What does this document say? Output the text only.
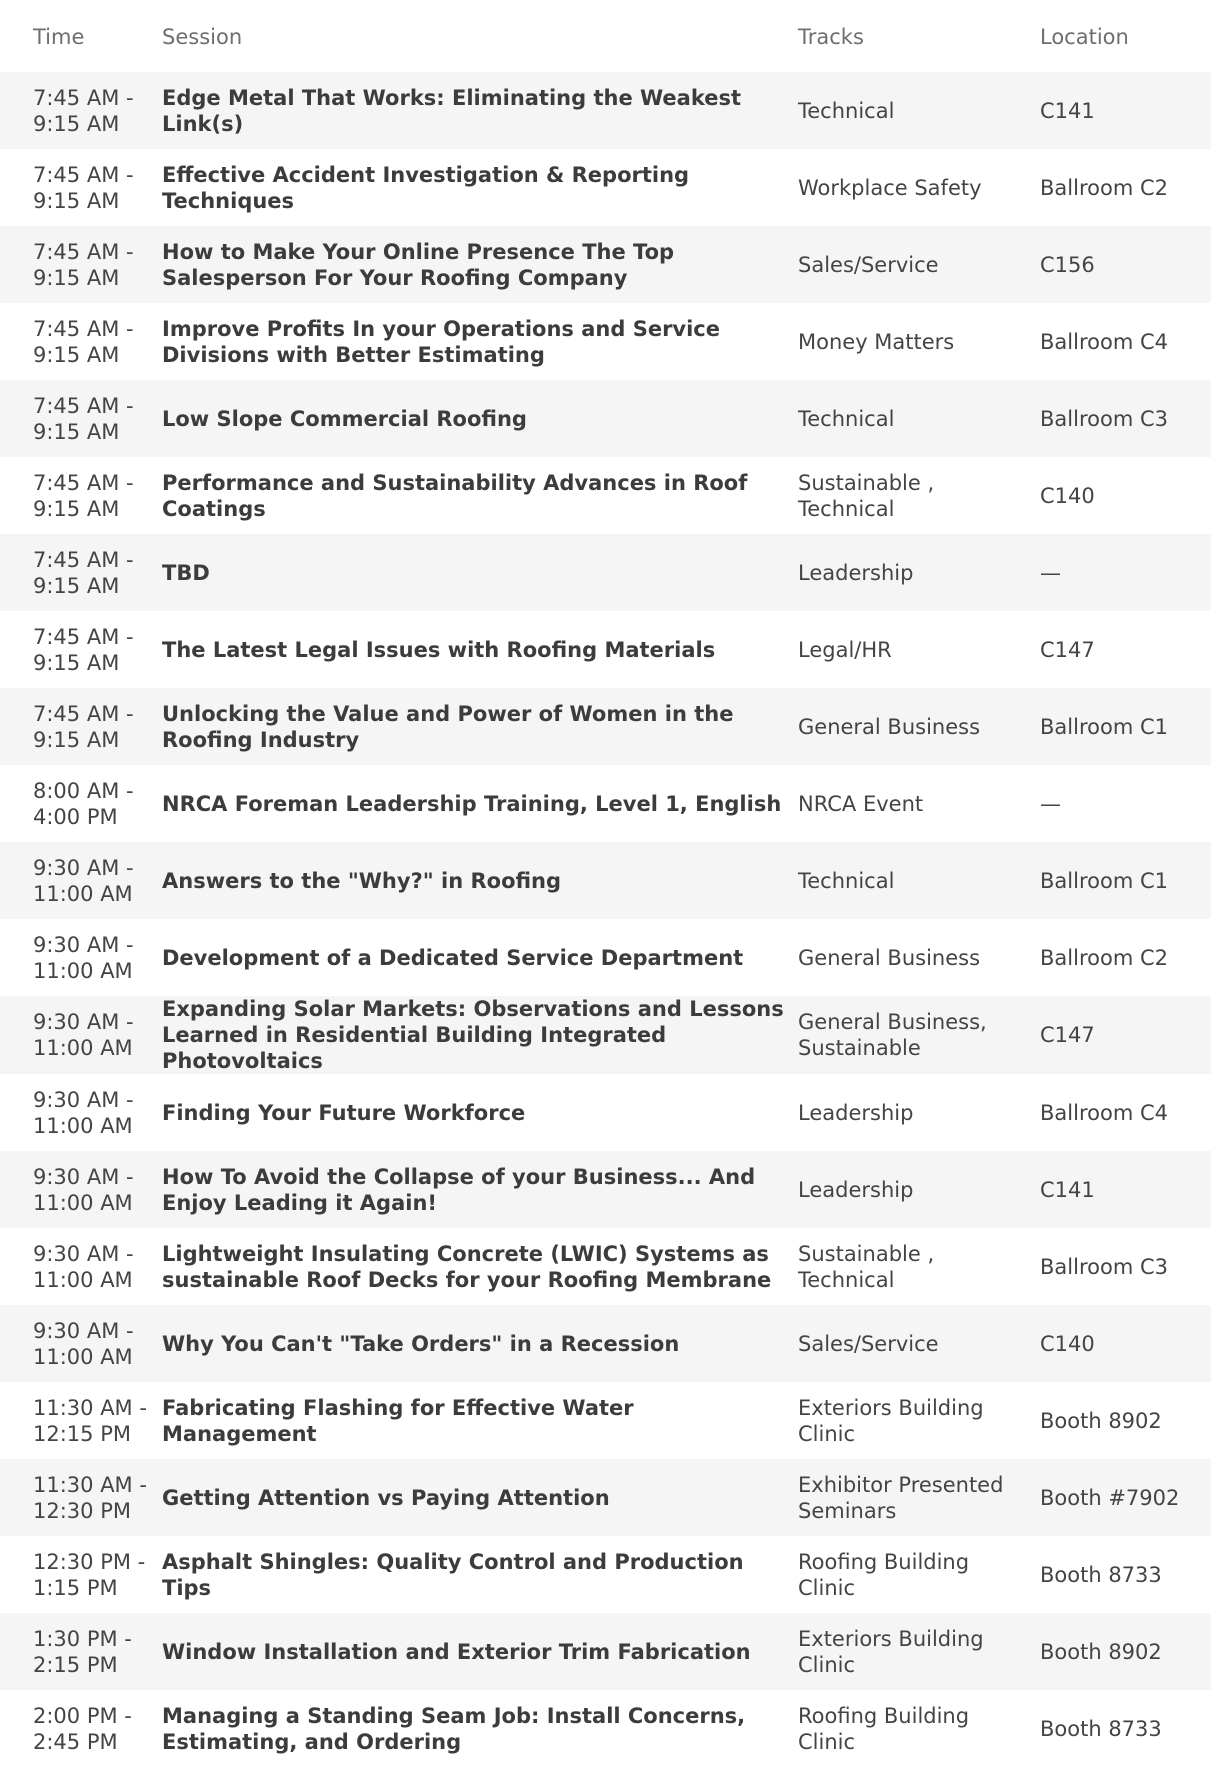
Time	Session	Tracks	Location
7:45 AM - 9:15 AM	Edge Metal That Works: Eliminating the Weakest Link(s)	Technical	C141
7:45 AM - 9:15 AM	Effective Accident Investigation & Reporting Techniques	Workplace Safety	Ballroom C2
7:45 AM - 9:15 AM	How to Make Your Online Presence The Top Salesperson For Your Roofing Company	Sales/Service	C156
7:45 AM - 9:15 AM	Improve Profits In your Operations and Service Divisions with Better Estimating	Money Matters	Ballroom C4
7:45 AM - 9:15 AM	Low Slope Commercial Roofing	Technical	Ballroom C3
7:45 AM - 9:15 AM	Performance and Sustainability Advances in Roof Coatings	Sustainable , Technical	C140
7:45 AM - 9:15 AM	TBD	Leadership	—
7:45 AM - 9:15 AM	The Latest Legal Issues with Roofing Materials	Legal/HR	C147
7:45 AM - 9:15 AM	Unlocking the Value and Power of Women in the Roofing Industry	General Business	Ballroom C1
8:00 AM - 4:00 PM	NRCA Foreman Leadership Training, Level 1, English	NRCA Event	—
9:30 AM - 11:00 AM	Answers to the "Why?" in Roofing	Technical	Ballroom C1
9:30 AM - 11:00 AM	Development of a Dedicated Service Department	General Business	Ballroom C2
9:30 AM - 11:00 AM	Expanding Solar Markets: Observations and Lessons Learned in Residential Building Integrated Photovoltaics	General Business, Sustainable	C147
9:30 AM - 11:00 AM	Finding Your Future Workforce	Leadership	Ballroom C4
9:30 AM - 11:00 AM	How To Avoid the Collapse of your Business... And Enjoy Leading it Again!	Leadership	C141
9:30 AM - 11:00 AM	Lightweight Insulating Concrete (LWIC) Systems as sustainable Roof Decks for your Roofing Membrane	Sustainable , Technical	Ballroom C3
9:30 AM - 11:00 AM	Why You Can't "Take Orders" in a Recession	Sales/Service	C140
11:30 AM - 12:15 PM	Fabricating Flashing for Effective Water Management	Exteriors Building Clinic	Booth 8902
11:30 AM - 12:30 PM	Getting Attention vs Paying Attention	Exhibitor Presented Seminars	Booth #7902
12:30 PM - 1:15 PM	Asphalt Shingles: Quality Control and Production Tips	Roofing Building Clinic	Booth 8733
1:30 PM - 2:15 PM	Window Installation and Exterior Trim Fabrication	Exteriors Building Clinic	Booth 8902
2:00 PM - 2:45 PM	Managing a Standing Seam Job: Install Concerns, Estimating, and Ordering	Roofing Building Clinic	Booth 8733
